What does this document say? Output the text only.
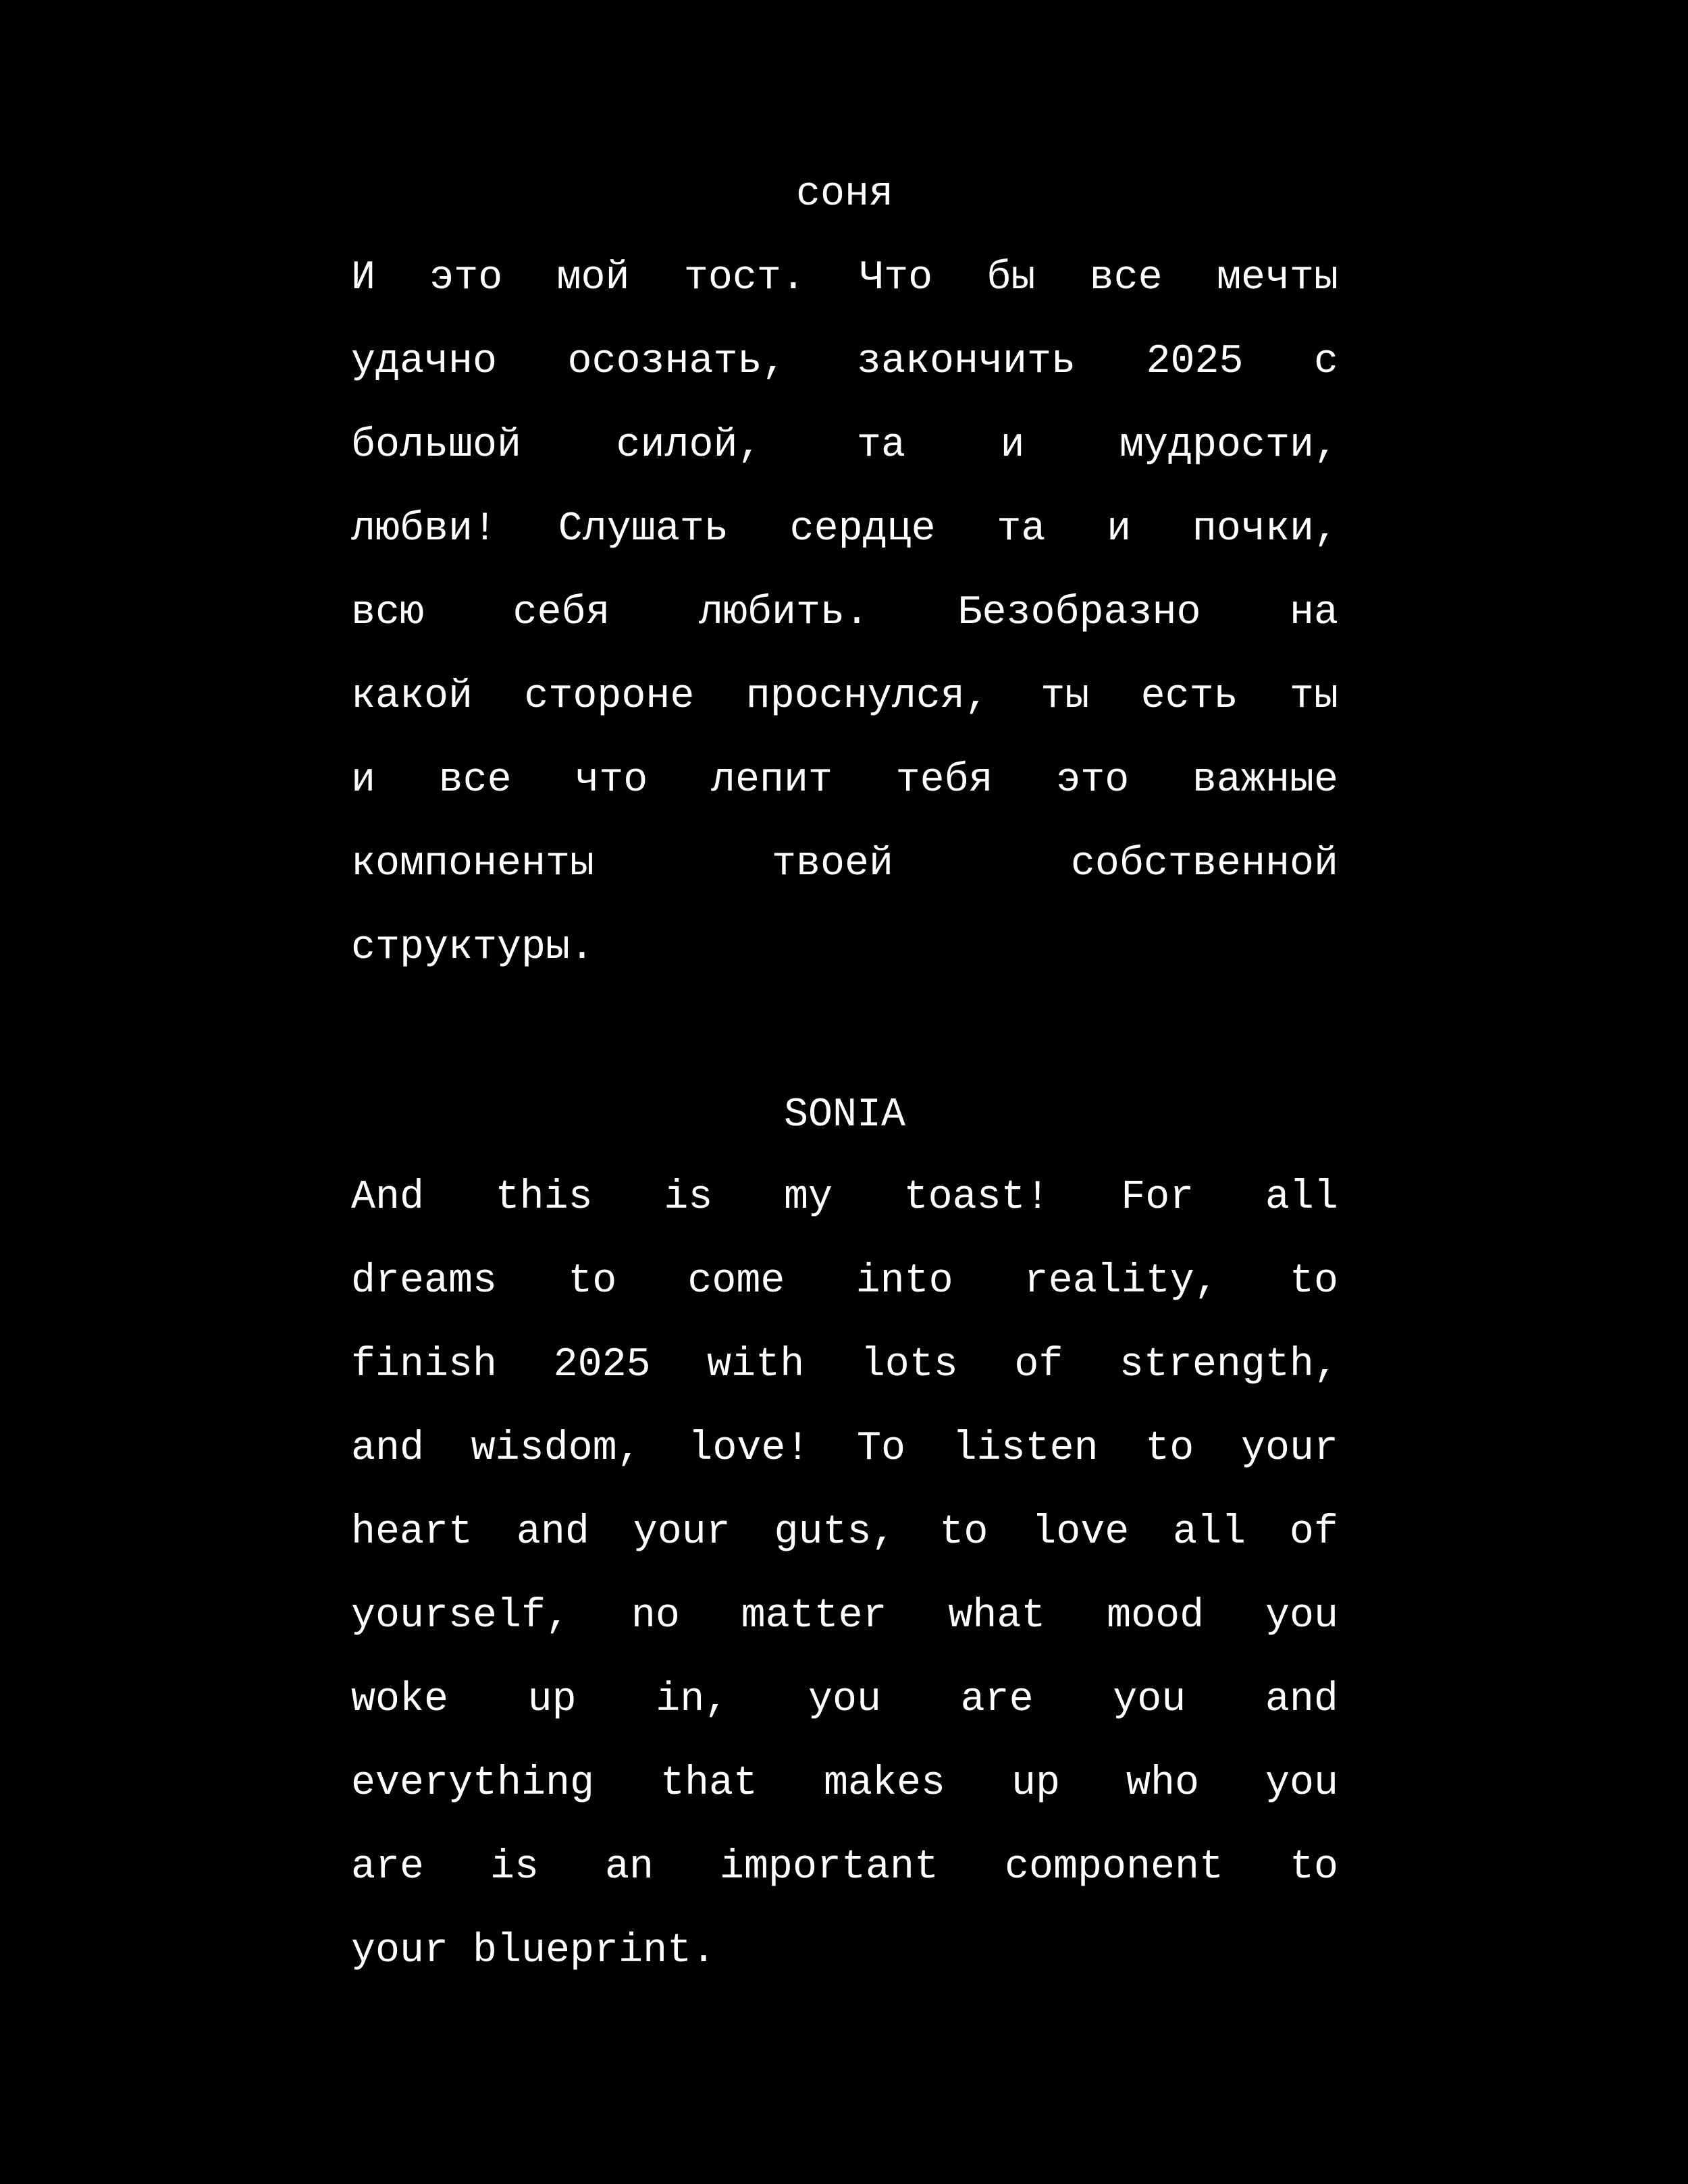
соня
И это мой тост. Что бы все мечты
удачно осознать, закончить 2025 с
большой силой, та и мудрости,
любви! Слушать сердце та и почки,
всю себя любить. Безобразно на
какой стороне проснулся, ты есть ты
и все что лепит тебя это важные
компоненты	твоей	собственной
структуры.
SONIA
And this is my toast! For all
dreams to come into reality, to
finish 2025 with lots of strength,
and wisdom, love! To listen to your
heart and your guts, to love all of
yourself, no matter what mood you
woke up in, you are you and
everything that makes up who you
are is an important component to
your blueprint.
